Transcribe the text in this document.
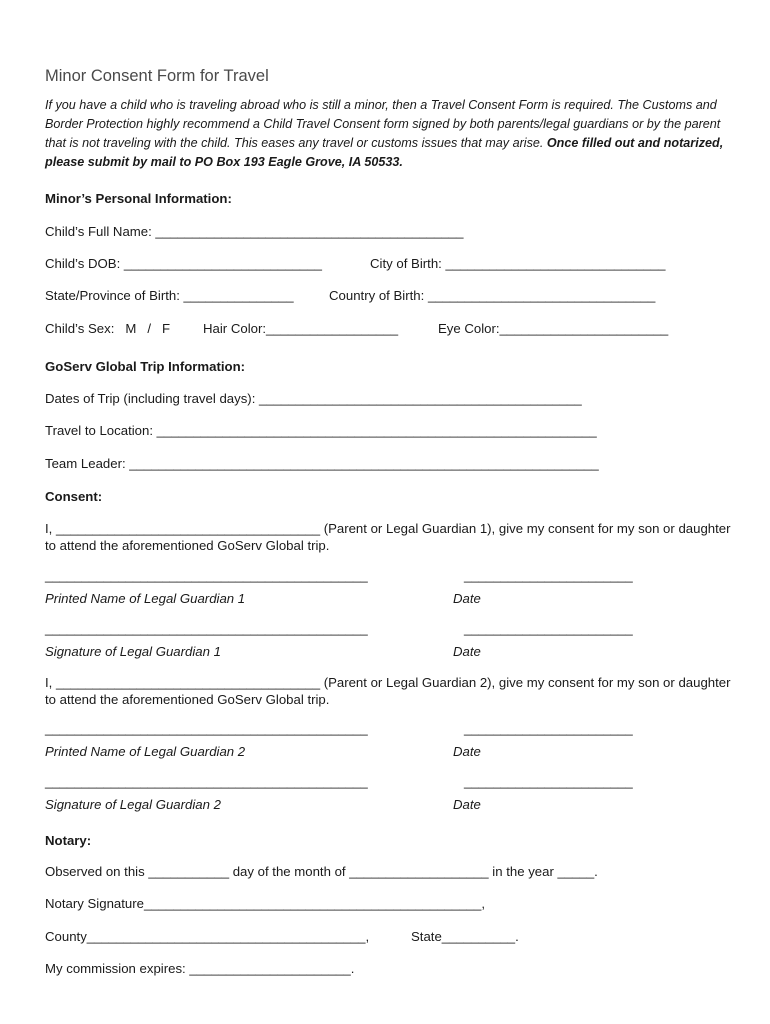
Minor Consent Form for Travel
If you have a child who is traveling abroad who is still a minor, then a Travel Consent Form is required. The Customs and Border Protection highly recommend a Child Travel Consent form signed by both parents/legal guardians or by the parent that is not traveling with the child. This eases any travel or customs issues that may arise. Once filled out and notarized, please submit by mail to PO Box 193 Eagle Grove, IA 50533.
Minor’s Personal Information:
Child’s Full Name: __________________________________________
Child’s DOB: ___________________________	City of Birth: ______________________________
State/Province of Birth: _______________	Country of Birth: _______________________________
Child’s Sex:   M   /   F Hair Color:__________________	Eye Color:_______________________
GoServ Global Trip Information:
Dates of Trip (including travel days): ____________________________________________
Travel to Location: ____________________________________________________________
Team Leader: ________________________________________________________________
Consent:
I, ____________________________________ (Parent or Legal Guardian 1), give my consent for my son or daughter to attend the aforementioned GoServ Global trip.
____________________________________________	_______________________
Printed Name of Legal Guardian 1	Date
____________________________________________	_______________________
Signature of Legal Guardian 1	Date
I, ____________________________________ (Parent or Legal Guardian 2), give my consent for my son or daughter to attend the aforementioned GoServ Global trip.
____________________________________________	_______________________
Printed Name of Legal Guardian 2	Date
____________________________________________	_______________________
Signature of Legal Guardian 2	Date
Notary:
Observed on this ___________ day of the month of ___________________ in the year _____.
Notary Signature______________________________________________,
County______________________________________,	State__________.
My commission expires: ______________________.
